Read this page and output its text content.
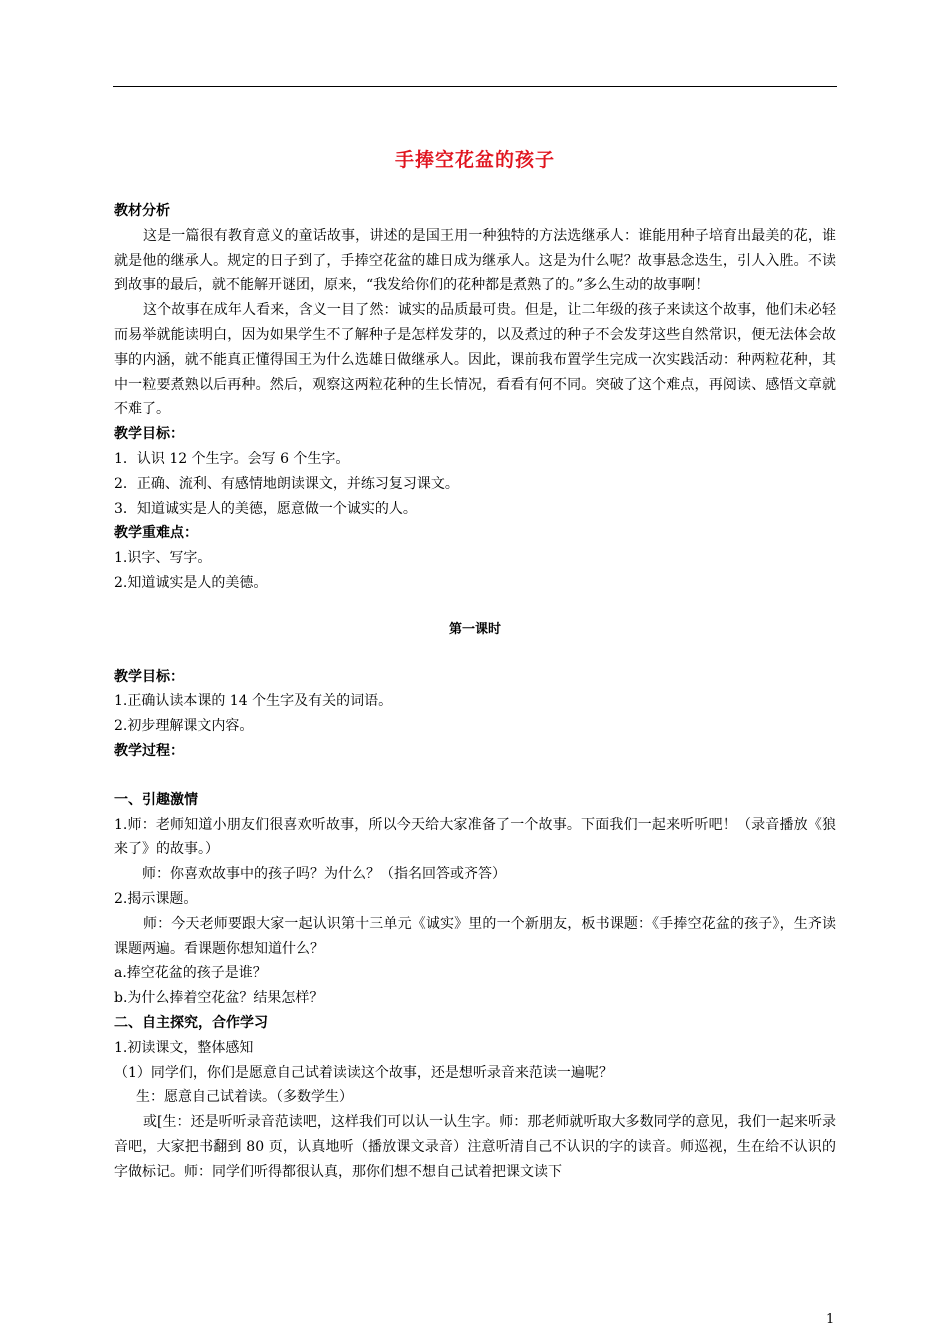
手捧空花盆的孩子
教材分析
这是一篇很有教育意义的童话故事，讲述的是国王用一种独特的方法选继承人：谁能用种子培育出最美的花，谁就是他的继承人。规定的日子到了，手捧空花盆的雄日成为继承人。这是为什么呢？故事悬念迭生，引人入胜。不读到故事的最后，就不能解开谜团，原来，“我发给你们的花种都是煮熟了的。”多么生动的故事啊！
这个故事在成年人看来，含义一目了然：诚实的品质最可贵。但是，让二年级的孩子来读这个故事，他们未必轻而易举就能读明白，因为如果学生不了解种子是怎样发芽的，以及煮过的种子不会发芽这些自然常识，便无法体会故事的内涵，就不能真正懂得国王为什么选雄日做继承人。因此，课前我布置学生完成一次实践活动：种两粒花种，其中一粒要煮熟以后再种。然后，观察这两粒花种的生长情况，看看有何不同。突破了这个难点，再阅读、感悟文章就不难了。
教学目标：
1．认识 12 个生字。会写 6 个生字。
2．正确、流利、有感情地朗读课文，并练习复习课文。
3．知道诚实是人的美德，愿意做一个诚实的人。
教学重难点：
1.识字、写字。
2.知道诚实是人的美德。
第一课时
教学目标：
1.正确认读本课的 14 个生字及有关的词语。
2.初步理解课文内容。
教学过程：
一、引趣激情
1.师：老师知道小朋友们很喜欢听故事，所以今天给大家准备了一个故事。下面我们一起来听听吧！（录音播放《狼来了》的故事。）
师：你喜欢故事中的孩子吗？为什么？（指名回答或齐答）
2.揭示课题。
师：今天老师要跟大家一起认识第十三单元《诚实》里的一个新朋友，板书课题：《手捧空花盆的孩子》，生齐读课题两遍。看课题你想知道什么？
a.捧空花盆的孩子是谁？
b.为什么捧着空花盆？结果怎样？
二、自主探究，合作学习
1.初读课文，整体感知
（1）同学们，你们是愿意自己试着读读这个故事，还是想听录音来范读一遍呢？
生：愿意自己试着读。（多数学生）
或[生：还是听听录音范读吧，这样我们可以认一认生字。师：那老师就听取大多数同学的意见，我们一起来听录音吧，大家把书翻到 80 页，认真地听（播放课文录音）注意听清自己不认识的字的读音。师巡视，生在给不认识的字做标记。师：同学们听得都很认真，那你们想不想自己试着把课文读下
1
